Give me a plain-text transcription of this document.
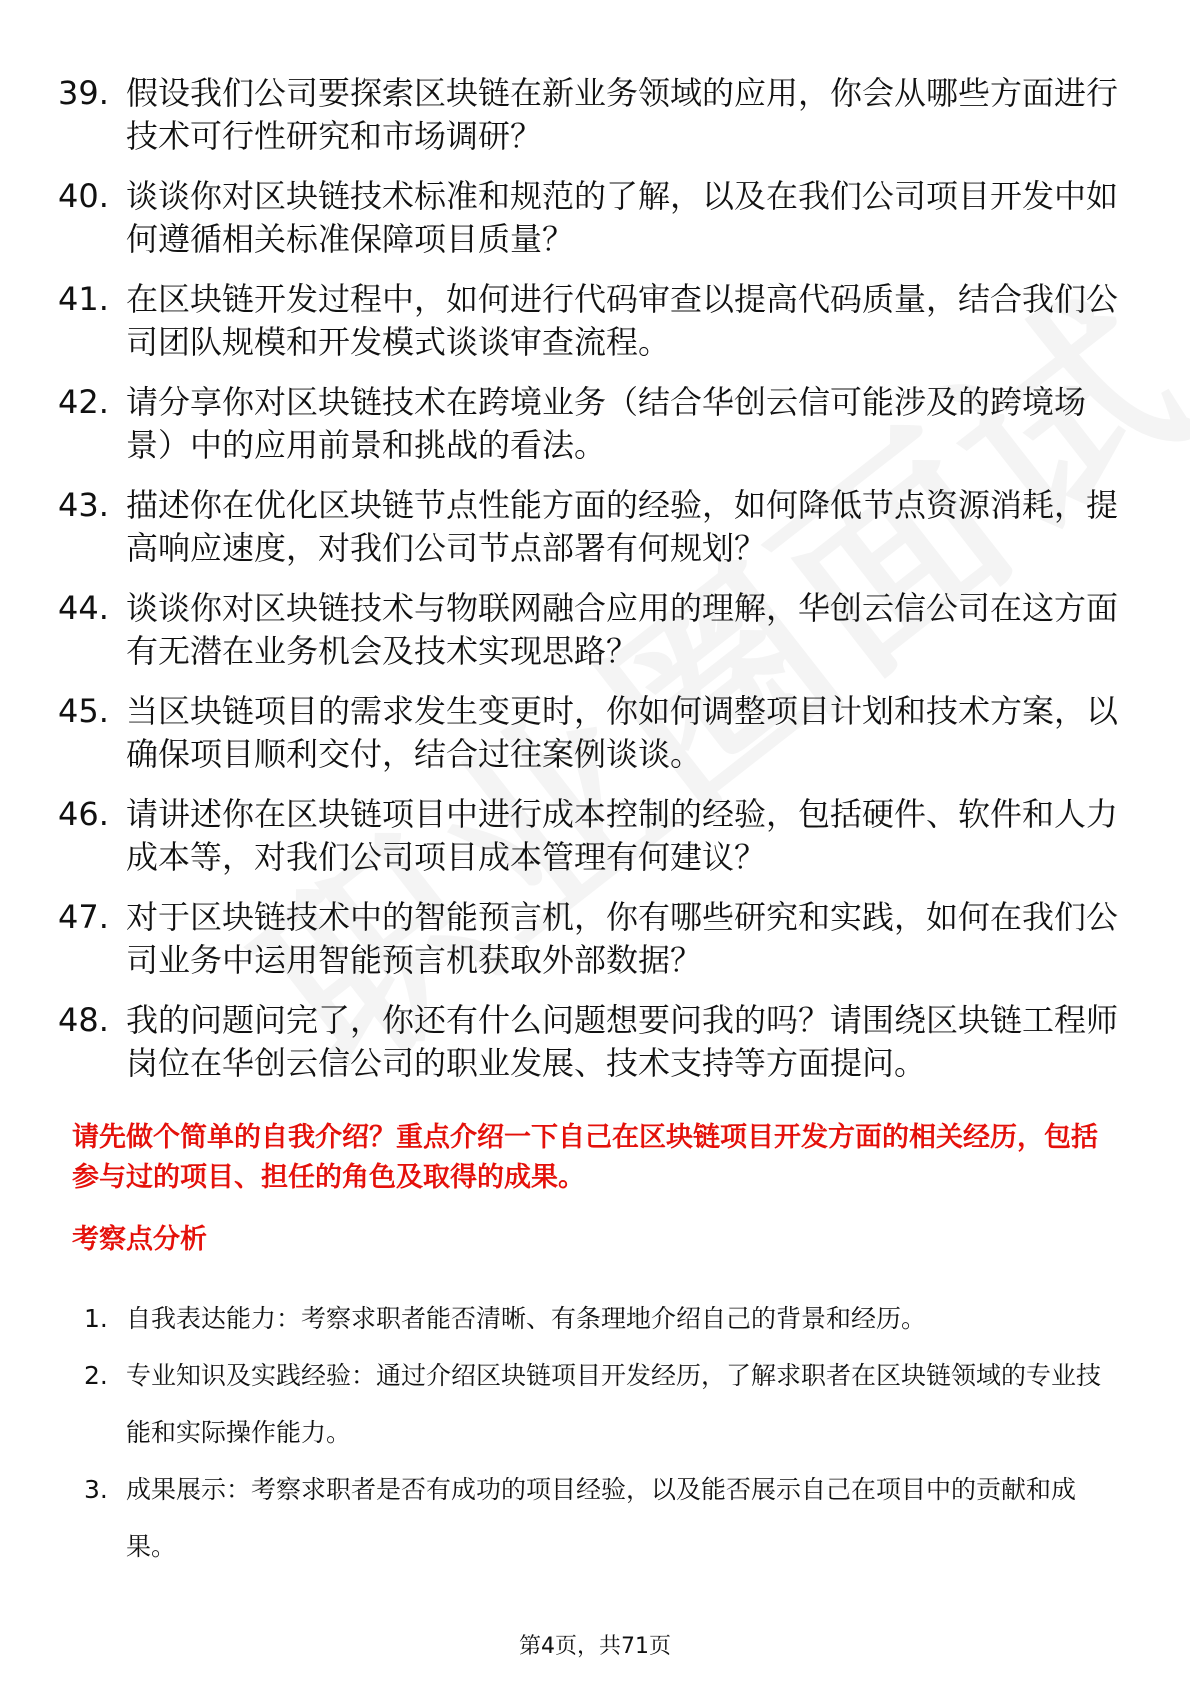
39. 假设我们公司要探索区块链在新业务领域的应用，你会从哪些方面进行技术可行性研究和市场调研？
40. 谈谈你对区块链技术标准和规范的了解，以及在我们公司项目开发中如何遵循相关标准保障项目质量？
41. 在区块链开发过程中，如何进行代码审查以提高代码质量，结合我们公司团队规模和开发模式谈谈审查流程。
42. 请分享你对区块链技术在跨境业务（结合华创云信可能涉及的跨境场景）中的应用前景和挑战的看法。
43. 描述你在优化区块链节点性能方面的经验，如何降低节点资源消耗，提高响应速度，对我们公司节点部署有何规划？
44. 谈谈你对区块链技术与物联网融合应用的理解，华创云信公司在这方面有无潜在业务机会及技术实现思路？
45. 当区块链项目的需求发生变更时，你如何调整项目计划和技术方案，以确保项目顺利交付，结合过往案例谈谈。
46. 请讲述你在区块链项目中进行成本控制的经验，包括硬件、软件和人力成本等，对我们公司项目成本管理有何建议？
47. 对于区块链技术中的智能预言机，你有哪些研究和实践，如何在我们公司业务中运用智能预言机获取外部数据？
48. 我的问题问完了，你还有什么问题想要问我的吗？请围绕区块链工程师岗位在华创云信公司的职业发展、技术支持等方面提问。

请先做个简单的自我介绍？重点介绍一下自己在区块链项目开发方面的相关经历，包括参与过的项目、担任的角色及取得的成果。

考察点分析
1. 自我表达能力：考察求职者能否清晰、有条理地介绍自己的背景和经历。
2. 专业知识及实践经验：通过介绍区块链项目开发经历，了解求职者在区块链领域的专业技能和实际操作能力。
3. 成果展示：考察求职者是否有成功的项目经验，以及能否展示自己在项目中的贡献和成果。
第4页，共71页
